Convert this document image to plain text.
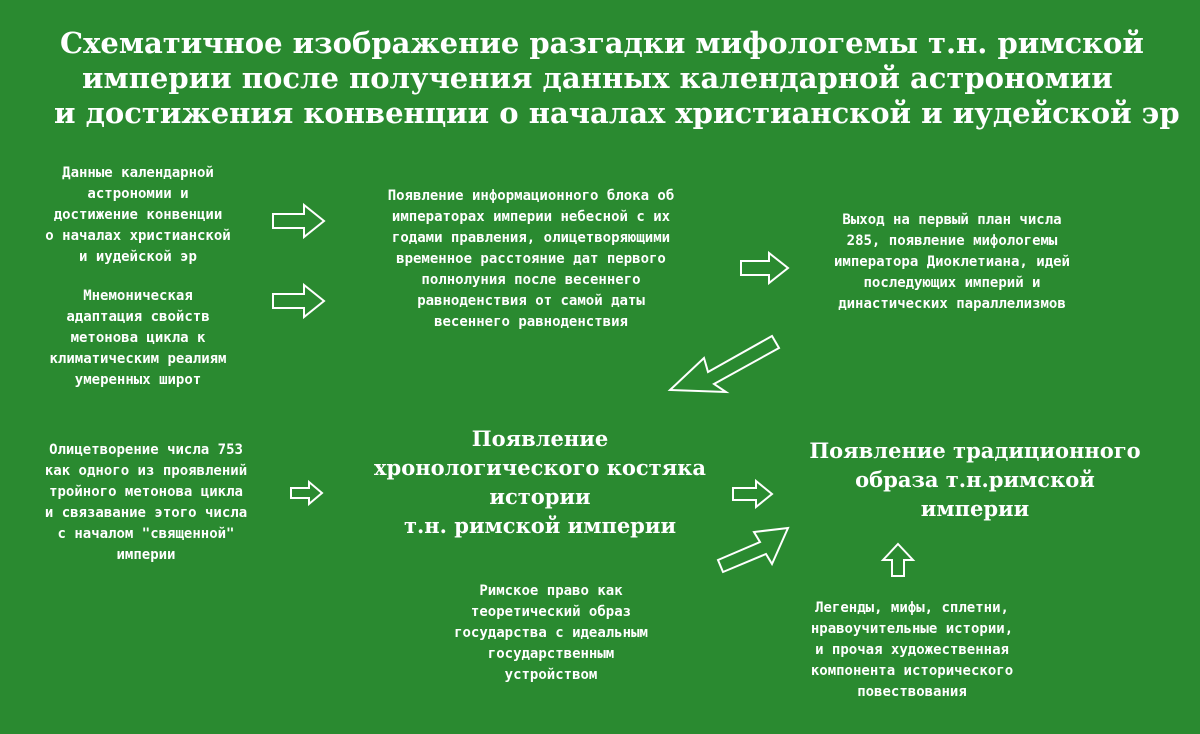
Схематичное изображение разгадки мифологемы т.н. римской
империи после получения данных календарной астрономии
и достижения конвенции о началах христианской и иудейской эр
Данные календарной
астрономии и
достижение конвенции
о началах христианской
и иудейской эр
Мнемоническая
адаптация свойств
метонова цикла к
климатическим реалиям
умеренных широт
Олицетворение числа 753
как одного из проявлений
тройного метонова цикла
и связавание этого числа
с началом "священной"
империи
Появление информационного блока об
императорах империи небесной с их
годами правления, олицетворяющими
временное расстояние дат первого
полнолуния после весеннего
равноденствия от самой даты
весеннего равноденствия
Появление
хронологического костяка
истории
т.н. римской империи
Римское право как
теоретический образ
государства с идеальным
государственным
устройством
Выход на первый план числа
285, появление мифологемы
императора Диоклетиана, идей
последующих империй и
династических параллелизмов
Появление традиционного
образа т.н.римской
империи
Легенды, мифы, сплетни,
нравоучительные истории,
и прочая художественная
компонента исторического
повествования
